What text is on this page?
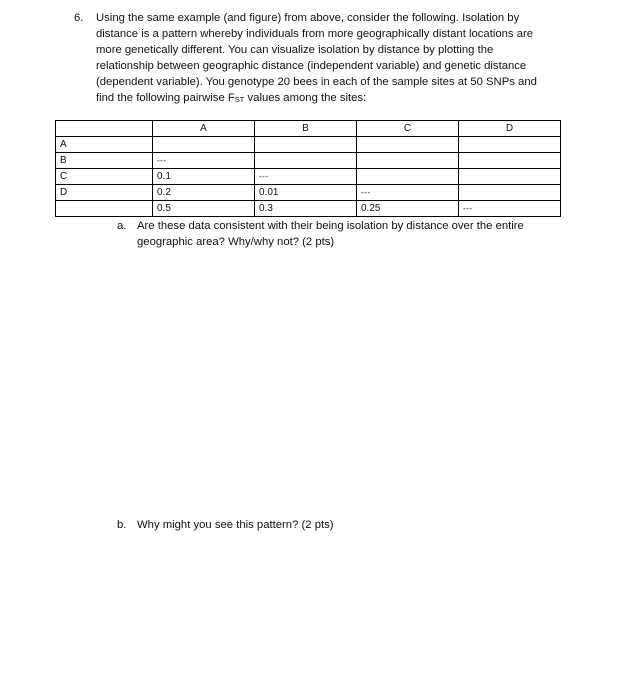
6. Using the same example (and figure) from above, consider the following. Isolation by
distance is a pattern whereby individuals from more geographically distant locations are
more genetically different. You can visualize isolation by distance by plotting the
relationship between geographic distance (independent variable) and genetic distance
(dependent variable). You genotype 20 bees in each of the sample sites at 50 SNPs and
find the following pairwise FST values among the sites:
	A	B	C	D
A				
B	---			
C	0.1	---		
D	0.2	0.01	---	
	0.5	0.3	0.25	---
a. Are these data consistent with their being isolation by distance over the entire
geographic area? Why/why not? (2 pts)
b. Why might you see this pattern? (2 pts)
